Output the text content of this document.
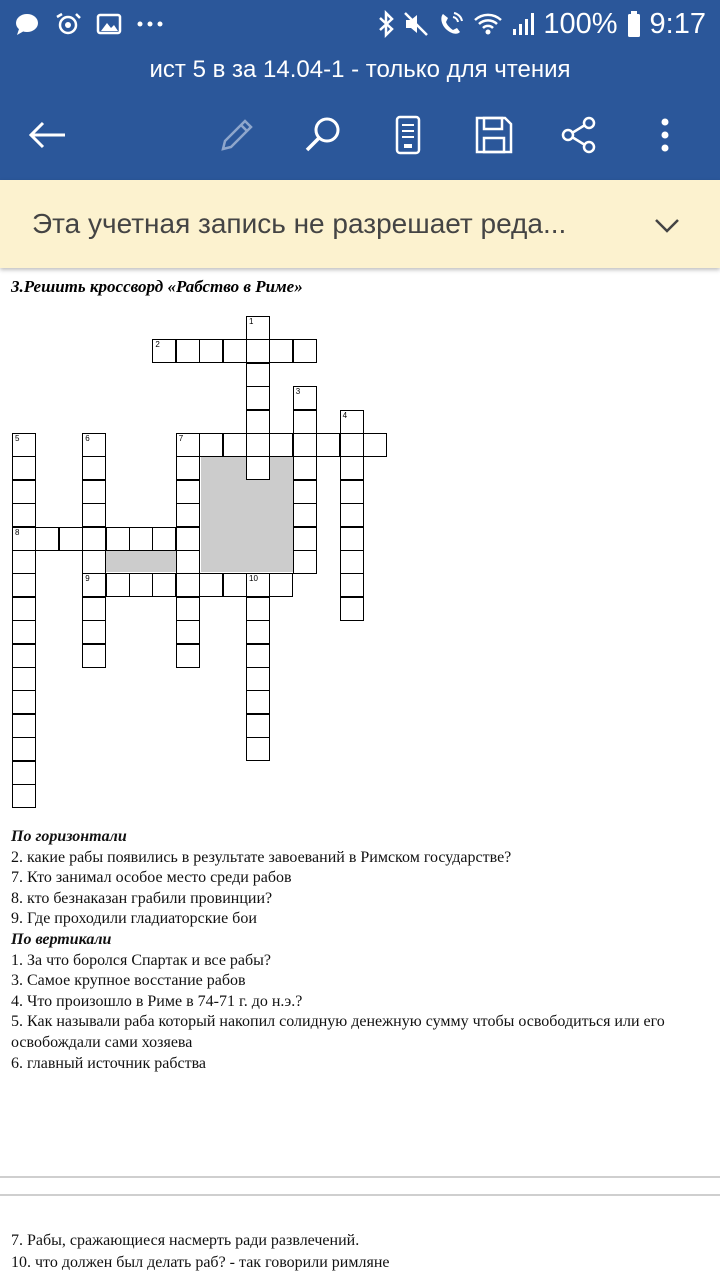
100% 9:17
ист 5 в за 14.04-1 - только для чтения
Эта учетная запись не разрешает реда...
3.Решить кроссворд «Рабство в Риме»
1
2
3
4
5
8
6
9
7
10
По горизонтали
2. какие рабы появились в результате завоеваний в Римском государстве?
7. Кто занимал особое место среди рабов
8. кто безнаказан грабили провинции?
9. Где проходили гладиаторские бои
По вертикали
1. За что боролся Спартак и все рабы?
3. Самое крупное восстание рабов
4. Что произошло в Риме в 74-71 г. до н.э.?
5. Как называли раба который накопил солидную денежную сумму чтобы освободиться или его освобождали сами хозяева
6. главный источник рабства
7. Рабы, сражающиеся насмерть ради развлечений.
10. что должен был делать раб? - так говорили римляне
